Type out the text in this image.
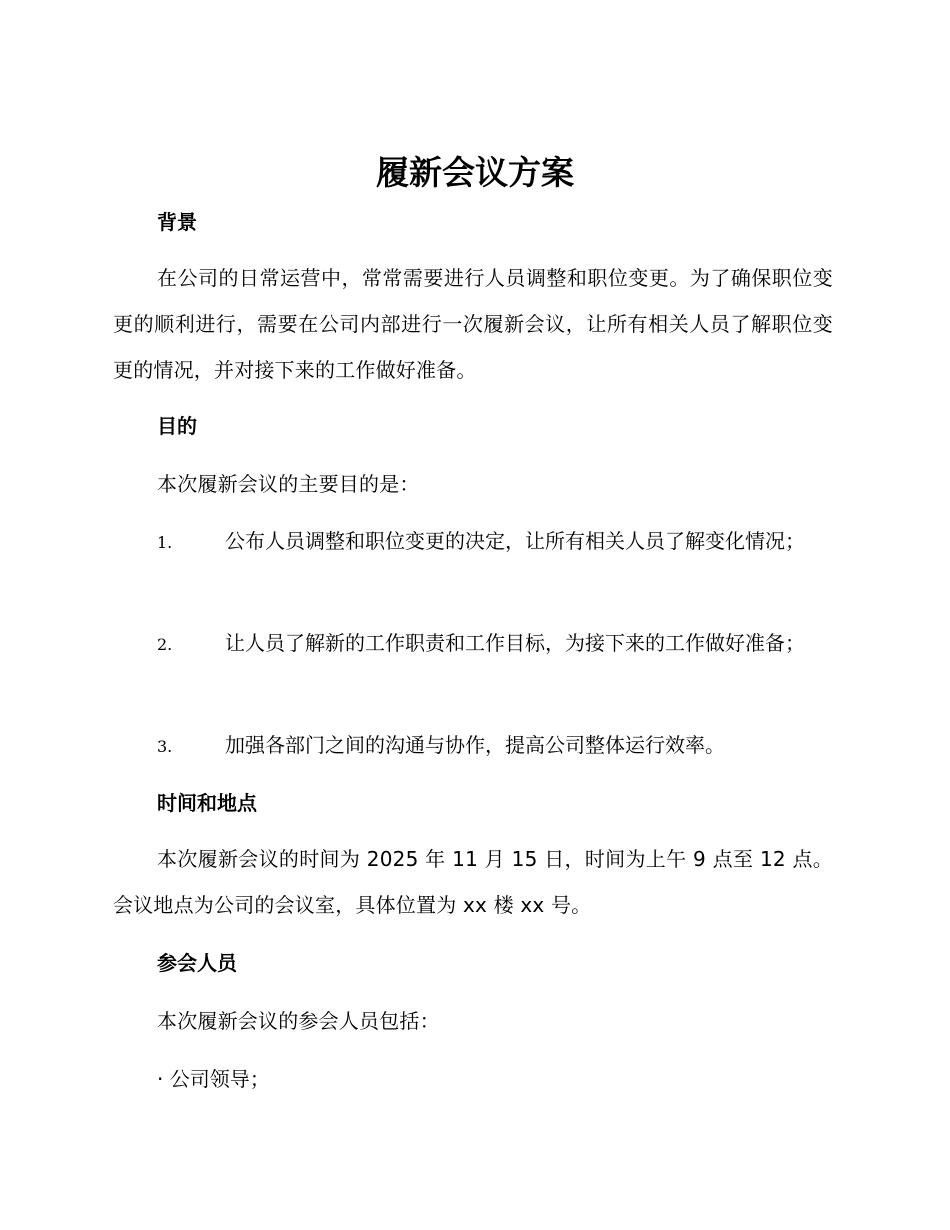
履新会议方案
背景

在公司的日常运营中，常常需要进行人员调整和职位变更。为了确保职位变更的顺利进行，需要在公司内部进行一次履新会议，让所有相关人员了解职位变更的情况，并对接下来的工作做好准备。

目的

本次履新会议的主要目的是：

1.	公布人员调整和职位变更的决定，让所有相关人员了解变化情况；

2.	让人员了解新的工作职责和工作目标，为接下来的工作做好准备；

3.	加强各部门之间的沟通与协作，提高公司整体运行效率。

时间和地点

本次履新会议的时间为 2025 年 11 月 15 日，时间为上午 9 点至 12 点。会议地点为公司的会议室，具体位置为 xx 楼 xx 号。

参会人员

本次履新会议的参会人员包括：

· 公司领导；
